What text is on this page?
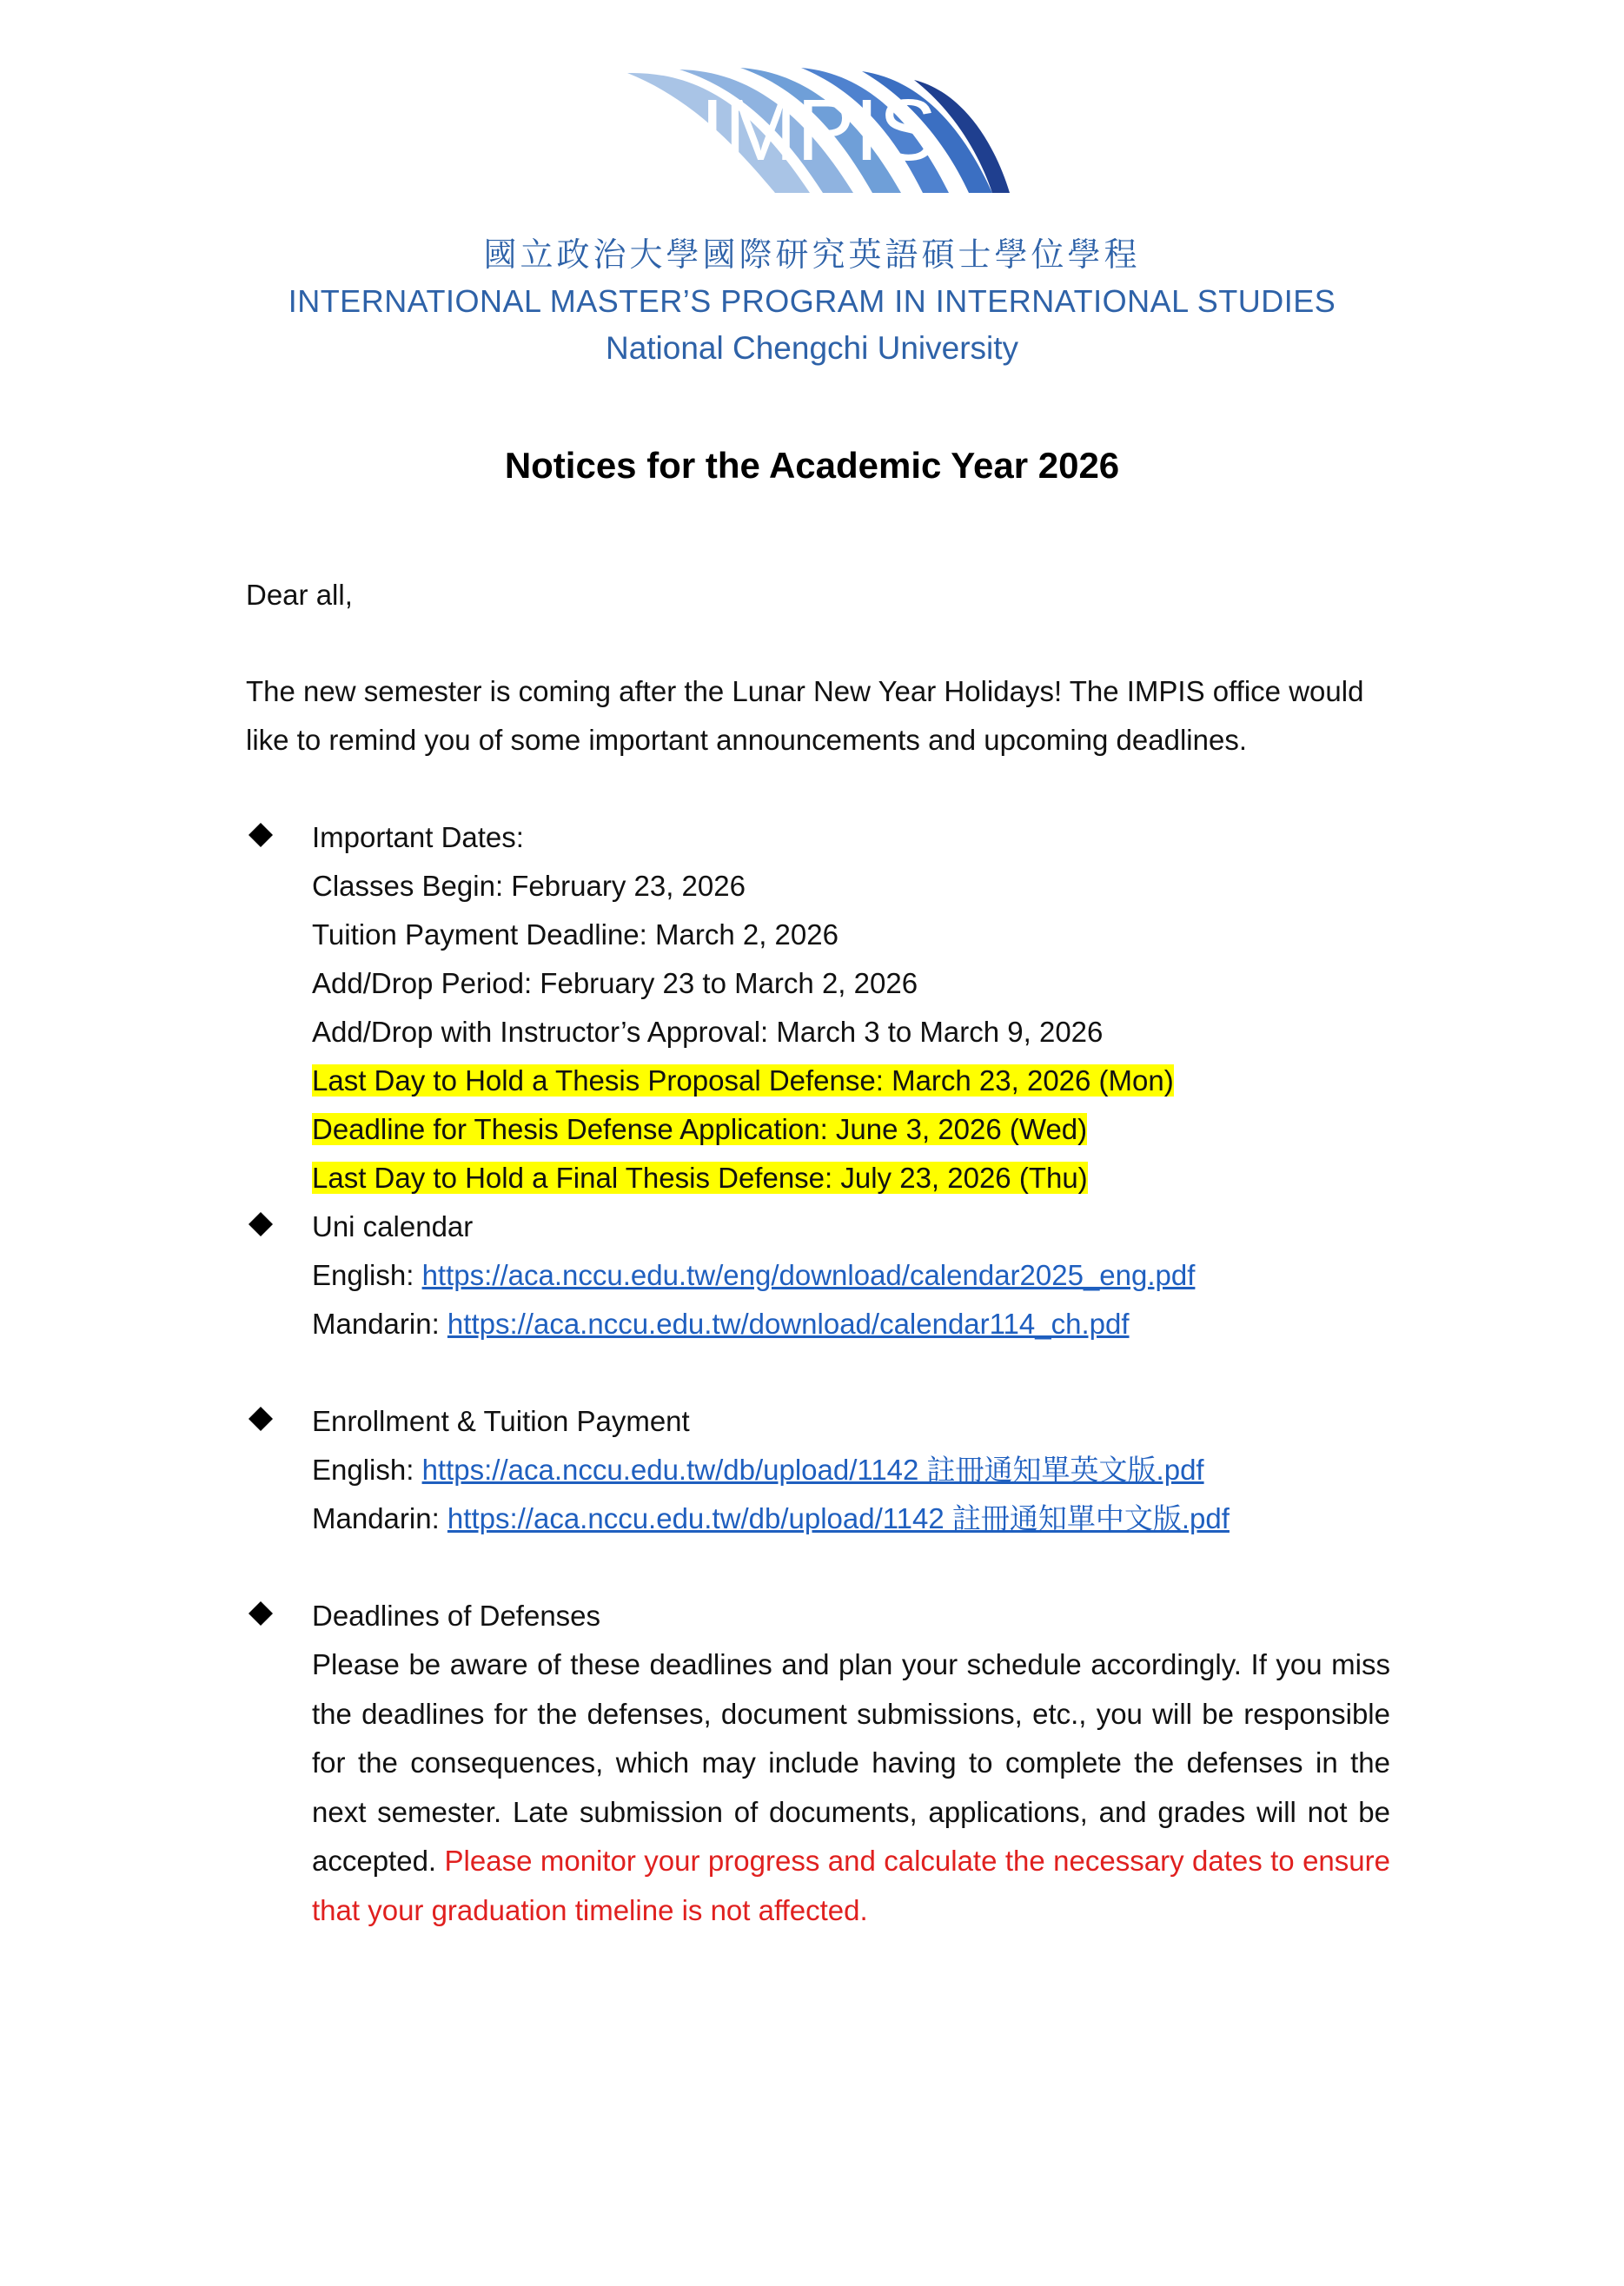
IMPIS
國立政治大學國際研究英語碩士學位學程
INTERNATIONAL MASTER’S PROGRAM IN INTERNATIONAL STUDIES
National Chengchi University
Notices for the Academic Year 2026
Dear all,
The new semester is coming after the Lunar New Year Holidays! The IMPIS office would
like to remind you of some important announcements and upcoming deadlines.
Important Dates:
Classes Begin: February 23, 2026
Tuition Payment Deadline: March 2, 2026
Add/Drop Period: February 23 to March 2, 2026
Add/Drop with Instructor’s Approval: March 3 to March 9, 2026
Last Day to Hold a Thesis Proposal Defense: March 23, 2026 (Mon)
Deadline for Thesis Defense Application: June 3, 2026 (Wed)
Last Day to Hold a Final Thesis Defense: July 23, 2026 (Thu)
Uni calendar
English: https://aca.nccu.edu.tw/eng/download/calendar2025_eng.pdf
Mandarin: https://aca.nccu.edu.tw/download/calendar114_ch.pdf
Enrollment & Tuition Payment
English: https://aca.nccu.edu.tw/db/upload/1142 註冊通知單英文版.pdf
Mandarin: https://aca.nccu.edu.tw/db/upload/1142 註冊通知單中文版.pdf
Deadlines of Defenses
Please be aware of these deadlines and plan your schedule accordingly. If you miss the deadlines for the defenses, document submissions, etc., you will be responsible for the consequences, which may include having to complete the defenses in the next semester. Late submission of documents, applications, and grades will not be accepted. Please monitor your progress and calculate the necessary dates to ensure that your graduation timeline is not affected.
